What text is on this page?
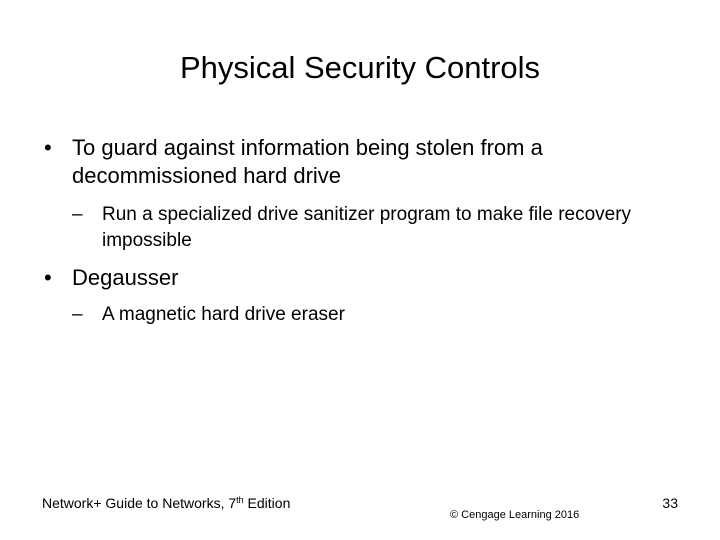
Physical Security Controls
• To guard against information being stolen from a decommissioned hard drive
– Run a specialized drive sanitizer program to make file recovery impossible
• Degausser
– A magnetic hard drive eraser
Network+ Guide to Networks, 7th Edition
© Cengage Learning 2016
33
